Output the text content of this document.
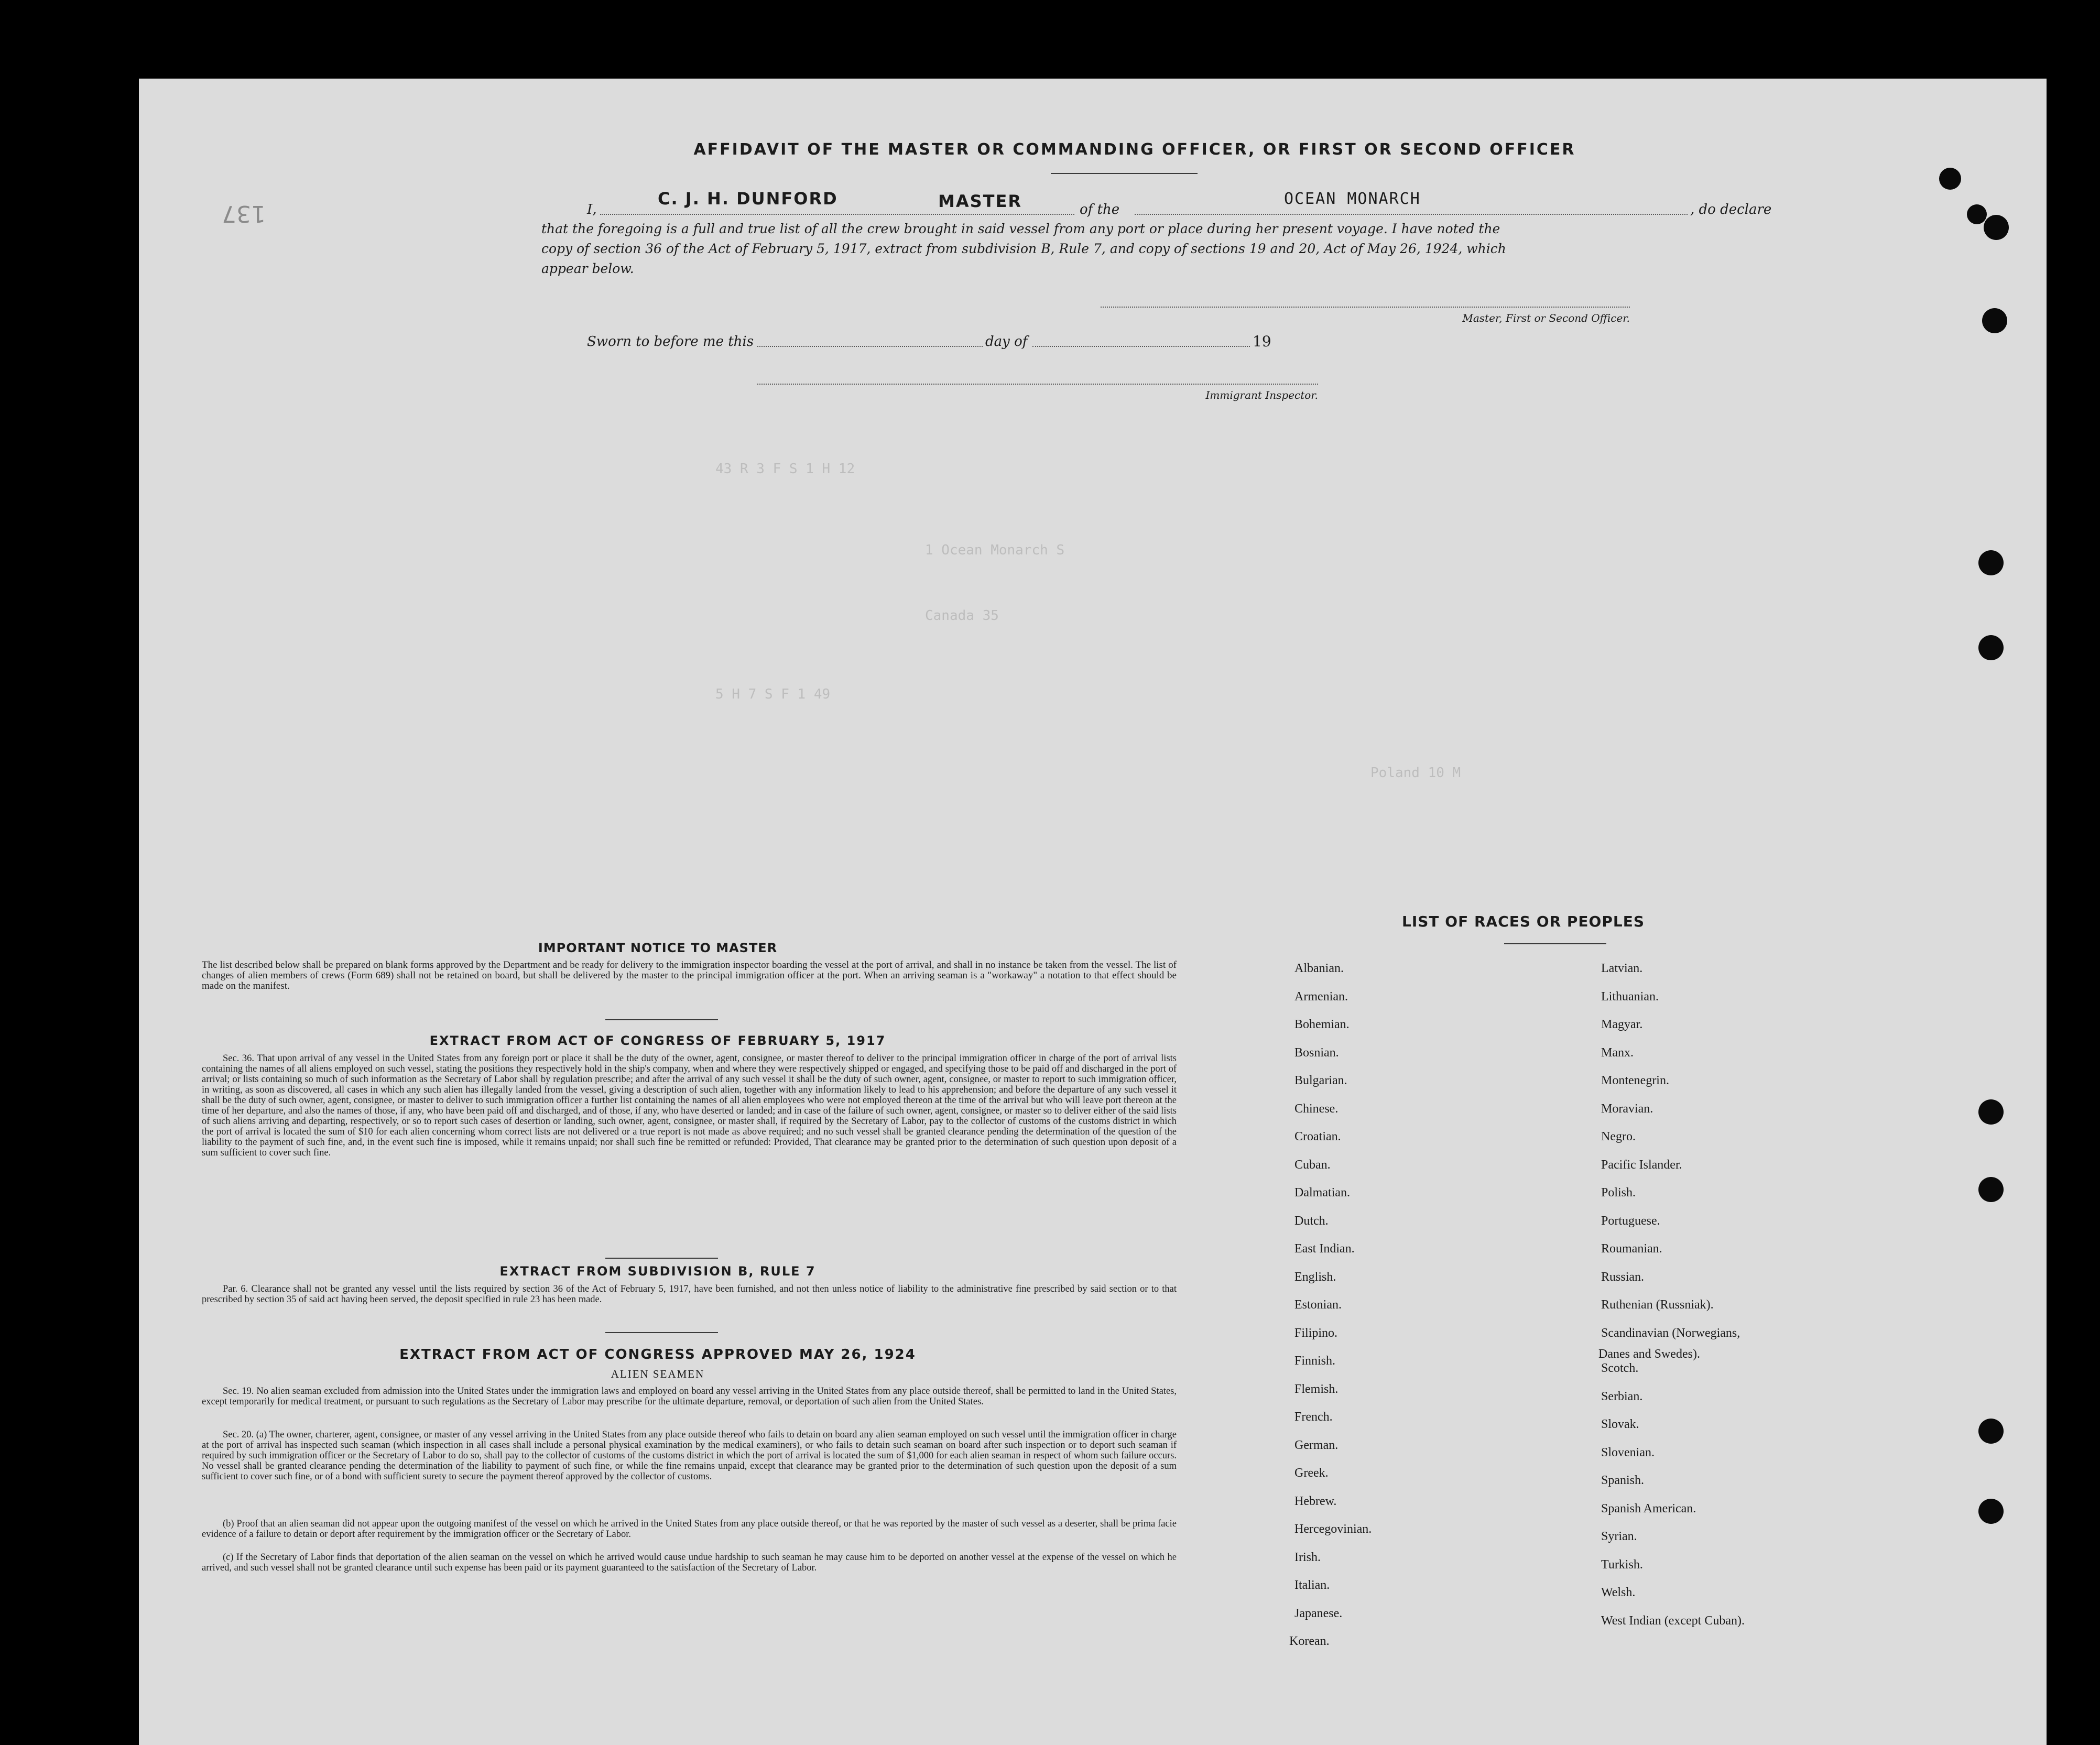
43 R 3 F S 1 H 12
1 Ocean Monarch S
Canada 35
5 H 7 S F 1 49
Poland 10 M
137
AFFIDAVIT OF THE MASTER OR COMMANDING OFFICER, OR FIRST OR SECOND OFFICER
I,
C. J. H. DUNFORD	MASTER	of the
OCEAN MONARCH
, do declare
that the foregoing is a full and true list of all the crew brought in said vessel from any port or place during her present voyage. I have noted the
copy of section 36 of the Act of February 5, 1917, extract from subdivision B, Rule 7, and copy of sections 19 and 20, Act of May 26, 1924, which
appear below.
Master, First or Second Officer.
Sworn to before me this	day of	19
Immigrant Inspector.
IMPORTANT NOTICE TO MASTER
The list described below shall be prepared on blank forms approved by the Department and be ready for delivery to the immigration inspector boarding the vessel at the port of arrival, and shall in no instance be taken from the vessel. The list of changes of alien members of crews (Form 689) shall not be retained on board, but shall be delivered by the master to the principal immigration officer at the port. When an arriving seaman is a "workaway" a notation to that effect should be made on the manifest.
EXTRACT FROM ACT OF CONGRESS OF FEBRUARY 5, 1917
Sec. 36. That upon arrival of any vessel in the United States from any foreign port or place it shall be the duty of the owner, agent, consignee, or master thereof to deliver to the principal immigration officer in charge of the port of arrival lists containing the names of all aliens employed on such vessel, stating the positions they respectively hold in the ship's company, when and where they were respectively shipped or engaged, and specifying those to be paid off and discharged in the port of arrival; or lists containing so much of such information as the Secretary of Labor shall by regulation prescribe; and after the arrival of any such vessel it shall be the duty of such owner, agent, consignee, or master to report to such immigration officer, in writing, as soon as discovered, all cases in which any such alien has illegally landed from the vessel, giving a description of such alien, together with any information likely to lead to his apprehension; and before the departure of any such vessel it shall be the duty of such owner, agent, consignee, or master to deliver to such immigration officer a further list containing the names of all alien employees who were not employed thereon at the time of the arrival but who will leave port thereon at the time of her departure, and also the names of those, if any, who have been paid off and discharged, and of those, if any, who have deserted or landed; and in case of the failure of such owner, agent, consignee, or master so to deliver either of the said lists of such aliens arriving and departing, respectively, or so to report such cases of desertion or landing, such owner, agent, consignee, or master shall, if required by the Secretary of Labor, pay to the collector of customs of the customs district in which the port of arrival is located the sum of $10 for each alien concerning whom correct lists are not delivered or a true report is not made as above required; and no such vessel shall be granted clearance pending the determination of the question of the liability to the payment of such fine, and, in the event such fine is imposed, while it remains unpaid; nor shall such fine be remitted or refunded: Provided, That clearance may be granted prior to the determination of such question upon deposit of a sum sufficient to cover such fine.
EXTRACT FROM SUBDIVISION B, RULE 7
Par. 6. Clearance shall not be granted any vessel until the lists required by section 36 of the Act of February 5, 1917, have been furnished, and not then unless notice of liability to the administrative fine prescribed by said section or to that prescribed by section 35 of said act having been served, the deposit specified in rule 23 has been made.
EXTRACT FROM ACT OF CONGRESS APPROVED MAY 26, 1924
ALIEN SEAMEN
Sec. 19. No alien seaman excluded from admission into the United States under the immigration laws and employed on board any vessel arriving in the United States from any place outside thereof, shall be permitted to land in the United States, except temporarily for medical treatment, or pursuant to such regulations as the Secretary of Labor may prescribe for the ultimate departure, removal, or deportation of such alien from the United States.
Sec. 20. (a) The owner, charterer, agent, consignee, or master of any vessel arriving in the United States from any place outside thereof who fails to detain on board any alien seaman employed on such vessel until the immigration officer in charge at the port of arrival has inspected such seaman (which inspection in all cases shall include a personal physical examination by the medical examiners), or who fails to detain such seaman on board after such inspection or to deport such seaman if required by such immigration officer or the Secretary of Labor to do so, shall pay to the collector of customs of the customs district in which the port of arrival is located the sum of $1,000 for each alien seaman in respect of whom such failure occurs. No vessel shall be granted clearance pending the determination of the liability to payment of such fine, or while the fine remains unpaid, except that clearance may be granted prior to the determination of such question upon the deposit of a sum sufficient to cover such fine, or of a bond with sufficient surety to secure the payment thereof approved by the collector of customs.
(b) Proof that an alien seaman did not appear upon the outgoing manifest of the vessel on which he arrived in the United States from any place outside thereof, or that he was reported by the master of such vessel as a deserter, shall be prima facie evidence of a failure to detain or deport after requirement by the immigration officer or the Secretary of Labor.
(c) If the Secretary of Labor finds that deportation of the alien seaman on the vessel on which he arrived would cause undue hardship to such seaman he may cause him to be deported on another vessel at the expense of the vessel on which he arrived, and such vessel shall not be granted clearance until such expense has been paid or its payment guaranteed to the satisfaction of the Secretary of Labor.
LIST OF RACES OR PEOPLES
Albanian.
Armenian.
Bohemian.
Bosnian.
Bulgarian.
Chinese.
Croatian.
Cuban.
Dalmatian.
Dutch.
East Indian.
English.
Estonian.
Filipino.
Finnish.
Flemish.
French.
German.
Greek.
Hebrew.
Hercegovinian.
Irish.
Italian.
Japanese.
Korean.
Latvian.
Lithuanian.
Magyar.
Manx.
Montenegrin.
Moravian.
Negro.
Pacific Islander.
Polish.
Portuguese.
Roumanian.
Russian.
Ruthenian (Russniak).
Scandinavian (Norwegians,
Danes and Swedes).
Scotch.
Serbian.
Slovak.
Slovenian.
Spanish.
Spanish American.
Syrian.
Turkish.
Welsh.
West Indian (except Cuban).
